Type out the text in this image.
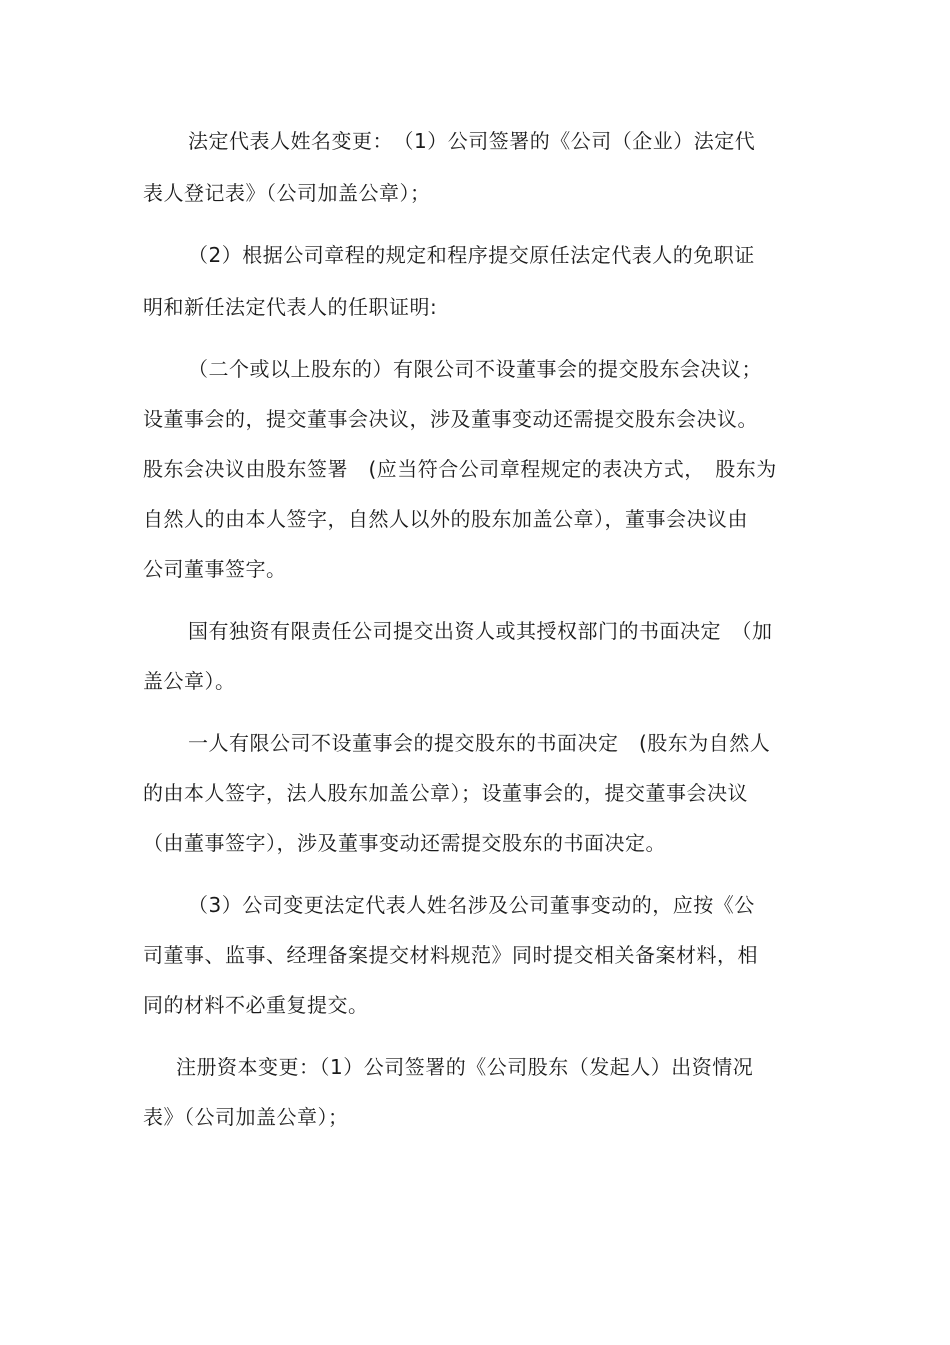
法定代表人姓名变更：　（1）公司签署的《公司（企业）法定代
表人登记表》（公司加盖公章）；
（2）根据公司章程的规定和程序提交原任法定代表人的免职证
明和新任法定代表人的任职证明:
（二个或以上股东的）有限公司不设董事会的提交股东会决议；
设董事会的，提交董事会决议，涉及董事变动还需提交股东会决议。
股东会决议由股东签署　(应当符合公司章程规定的表决方式，　股东为
自然人的由本人签字，自然人以外的股东加盖公章），董事会决议由
公司董事签字。
国有独资有限责任公司提交出资人或其授权部门的书面决定　（加
盖公章）。
一人有限公司不设董事会的提交股东的书面决定　(股东为自然人
的由本人签字，法人股东加盖公章）；设董事会的，提交董事会决议
（由董事签字），涉及董事变动还需提交股东的书面决定。
（3）公司变更法定代表人姓名涉及公司董事变动的，应按《公
司董事、监事、经理备案提交材料规范》同时提交相关备案材料，相
同的材料不必重复提交。
注册资本变更：（1）公司签署的《公司股东（发起人）出资情况
表》（公司加盖公章）；
